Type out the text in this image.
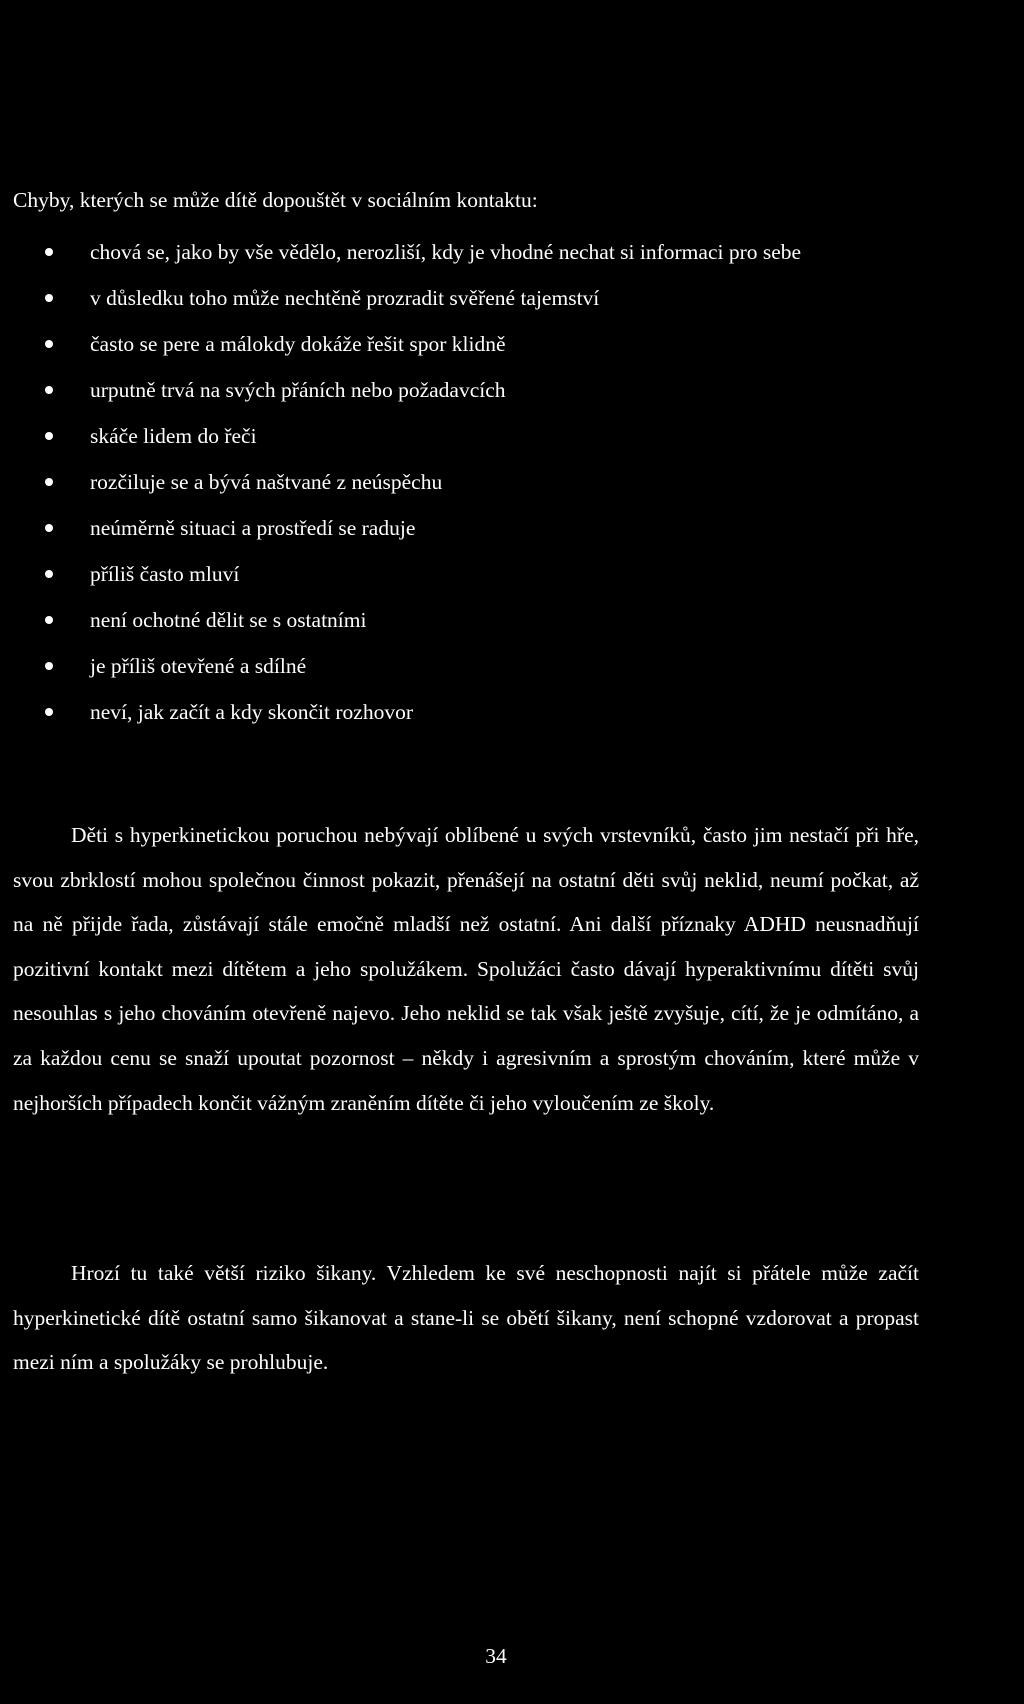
Chyby, kterých se může dítě dopouštět v sociálním kontaktu:
chová se, jako by vše vědělo, nerozliší, kdy je vhodné nechat si informaci pro sebe
v důsledku toho může nechtěně prozradit svěřené tajemství
často se pere a málokdy dokáže řešit spor klidně
urputně trvá na svých přáních nebo požadavcích
skáče lidem do řeči
rozčiluje se a bývá naštvané z neúspěchu
neúměrně situaci a prostředí se raduje
příliš často mluví
není ochotné dělit se s ostatními
je příliš otevřené a sdílné
neví, jak začít a kdy skončit rozhovor

Děti s hyperkinetickou poruchou nebývají oblíbené u svých vrstevníků, často jim nestačí při hře, svou zbrklostí mohou společnou činnost pokazit, přenášejí na ostatní děti svůj neklid, neumí počkat, až na ně přijde řada, zůstávají stále emočně mladší než ostatní. Ani další příznaky ADHD neusnadňují pozitivní kontakt mezi dítětem a jeho spolužákem. Spolužáci často dávají hyperaktivnímu dítěti svůj nesouhlas s jeho chováním otevřeně najevo. Jeho neklid se tak však ještě zvyšuje, cítí, že je odmítáno, a za každou cenu se snaží upoutat pozornost – někdy i agresivním a sprostým chováním, které může v nejhorších případech končit vážným zraněním dítěte či jeho vyloučením ze školy.

Hrozí tu také větší riziko šikany. Vzhledem ke své neschopnosti najít si přátele může začít hyperkinetické dítě ostatní samo šikanovat a stane-li se obětí šikany, není schopné vzdorovat a propast mezi ním a spolužáky se prohlubuje.

34
